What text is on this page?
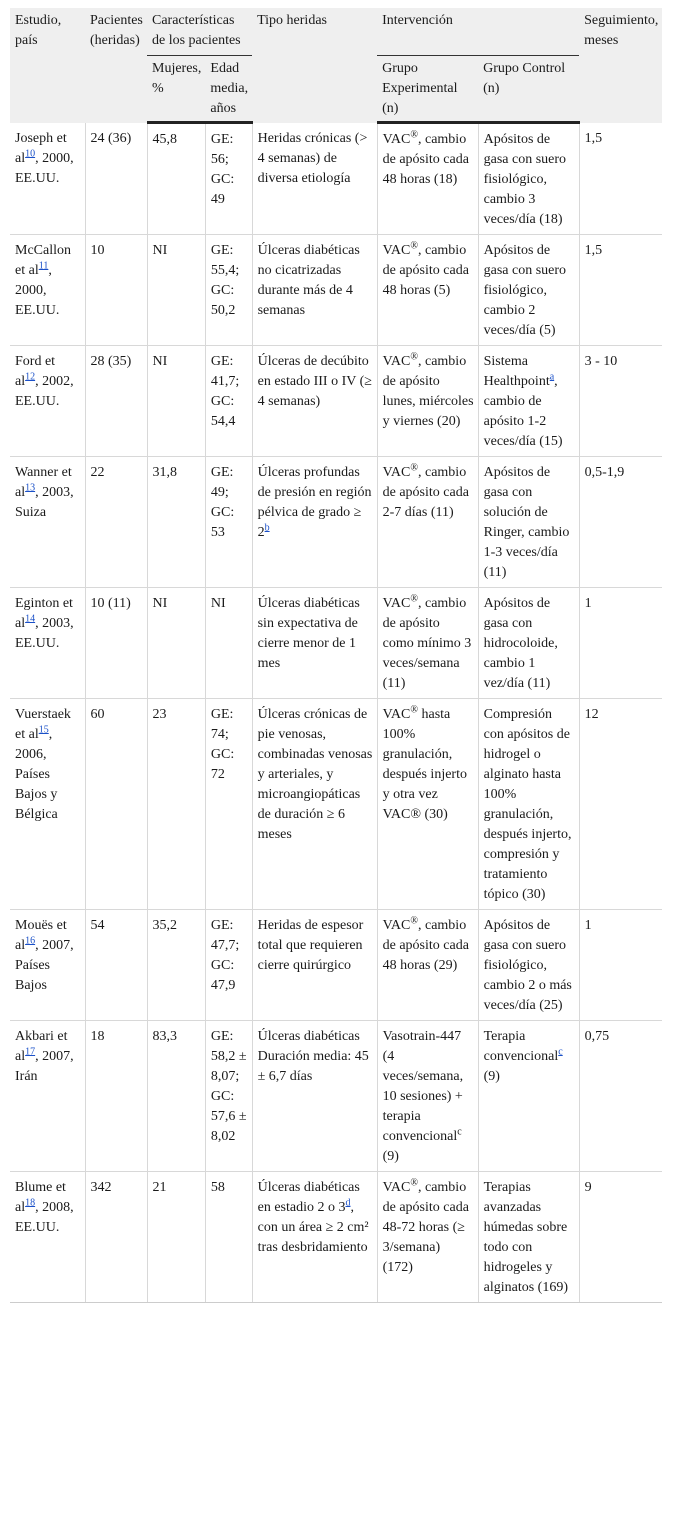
Estudio, país	Pacientes (heridas)	Características de los pacientes		Tipo heridas	Intervención		Seguimiento, meses
		Mujeres, %	Edad media, años		Grupo Experimental (n)	Grupo Control (n)	
Joseph et al$^{10}$, 2000, EE.UU.	24 (36)	45,8	GE: 56; GC: 49	Heridas crónicas (> 4 semanas) de diversa etiología	VAC®, cambio de apósito cada 48 horas (18)	Apósitos de gasa con suero fisiológico, cambio 3 veces/día (18)	1,5
McCallon et al$^{11}$, 2000, EE.UU.	10	NI	GE: 55,4; GC: 50,2	Úlceras diabéticas no cicatrizadas durante más de 4 semanas	VAC®, cambio de apósito cada 48 horas (5)	Apósitos de gasa con suero fisiológico, cambio 2 veces/día (5)	1,5
Ford et al$^{12}$, 2002, EE.UU.	28 (35)	NI	GE: 41,7; GC: 54,4	Úlceras de decúbito en estado III o IV (≥ 4 semanas)	VAC®, cambio de apósito lunes, miércoles y viernes (20)	Sistema Healthpoint$^a$, cambio de apósito 1-2 veces/día (15)	3 - 10
Wanner et al$^{13}$, 2003, Suiza	22	31,8	GE: 49; GC: 53	Úlceras profundas de presión en región pélvica de grado ≥ 2$^b$	VAC®, cambio de apósito cada 2-7 días (11)	Apósitos de gasa con solución de Ringer, cambio 1-3 veces/día (11)	0,5-1,9
Eginton et al$^{14}$, 2003, EE.UU.	10 (11)	NI	NI	Úlceras diabéticas sin expectativa de cierre menor de 1 mes	VAC®, cambio de apósito como mínimo 3 veces/semana (11)	Apósitos de gasa con hidrocoloide, cambio 1 vez/día (11)	1
Vuerstaek et al$^{15}$, 2006, Países Bajos y Bélgica	60	23	GE: 74; GC: 72	Úlceras crónicas de pie venosas, combinadas venosas y arteriales, y microangiopáticas de duración ≥ 6 meses	VAC® hasta 100% granulación, después injerto y otra vez VAC® (30)	Compresión con apósitos de hidrogel o alginato hasta 100% granulación, después injerto, compresión y tratamiento tópico (30)	12
Mouës et al$^{16}$, 2007, Países Bajos	54	35,2	GE: 47,7; GC: 47,9	Heridas de espesor total que requieren cierre quirúrgico	VAC®, cambio de apósito cada 48 horas (29)	Apósitos de gasa con suero fisiológico, cambio 2 o más veces/día (25)	1
Akbari et al$^{17}$, 2007, Irán	18	83,3	GE: 58,2 ± 8,07; GC: 57,6 ± 8,02	Úlceras diabéticas Duración media: 45 ± 6,7 días	Vasotrain-447 (4 veces/semana, 10 sesiones) + terapia convencional$^c$ (9)	Terapia convencional$^c$ (9)	0,75
Blume et al$^{18}$, 2008, EE.UU.	342	21	58	Úlceras diabéticas en estadio 2 o 3$^d$, con un área ≥ 2 cm² tras desbridamiento	VAC®, cambio de apósito cada 48-72 horas (≥ 3/semana) (172)	Terapias avanzadas húmedas sobre todo con hidrogeles y alginatos (169)	9
